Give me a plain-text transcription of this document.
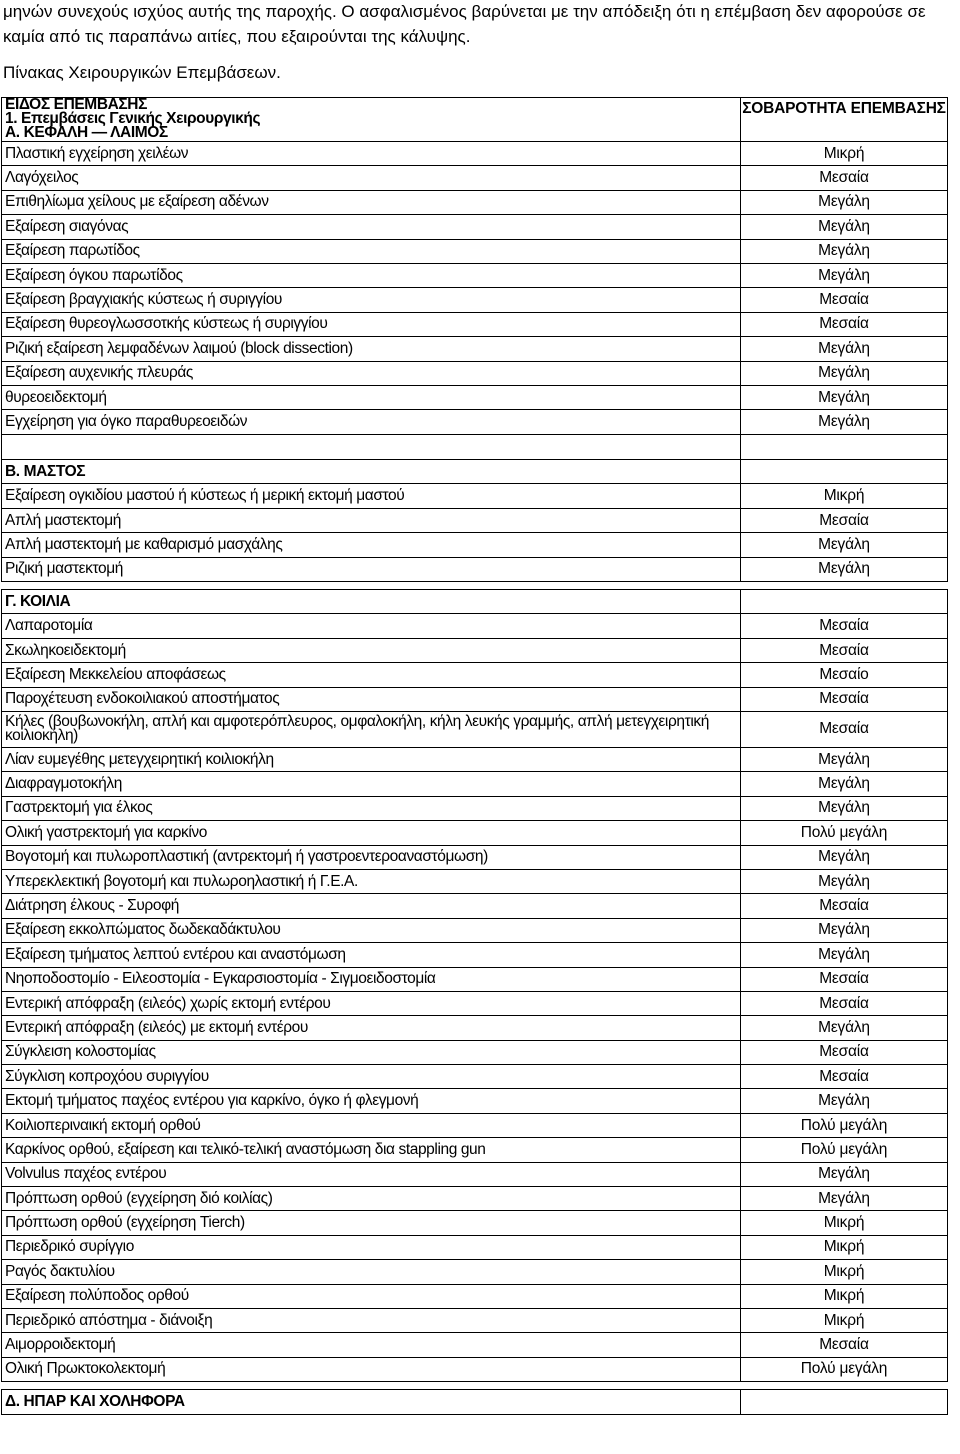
μηνών συνεχούς ισχύος αυτής της παροχής. Ο ασφαλισμένος βαρύνεται με την απόδειξη ότι η επέμβαση δεν αφορούσε σε

καμία από τις παραπάνω αιτίες, που εξαιρούνται της κάλυψης.

Πίνακας Χειρουργικών Επεμβάσεων.

ΕΙΔΟΣ ΕΠΕΜΒΑΣΗΣ
1. Επεμβάσεις Γενικής Χειρουργικής
Α. ΚΕΦΑΛΗ — ΛΑΙΜΟΣ	ΣΟΒΑΡΟΤΗΤΑ ΕΠΕΜΒΑΣΗΣ
Πλαστική εγχείρηση χειλέων	Μικρή
Λαγόχειλος	Μεσαία
Επιθηλίωμα χείλους με εξαίρεση αδένων	Μεγάλη
Εξαίρεση σιαγόνας	Μεγάλη
Εξαίρεση παρωτίδος	Μεγάλη
Εξαίρεση όγκου παρωτίδος	Μεγάλη
Εξαίρεση βραγχιακής κύστεως ή συριγγίου	Μεσαία
Εξαίρεση θυρεογλωσσοτκής κύστεως ή συριγγίου	Μεσαία
Ριζική εξαίρεση λεμφαδένων λαιμού (block dissection)	Μεγάλη
Εξαίρεση αυχενικής πλευράς	Μεγάλη
θυρεοειδεκτομή	Μεγάλη
Εγχείρηση για όγκο παραθυρεοειδών	Μεγάλη

Β. ΜΑΣΤΟΣ	
Εξαίρεση ογκιδίου μαστού ή κύστεως ή μερική εκτομή μαστού	Μικρή
Απλή μαστεκτομή	Μεσαία
Απλή μαστεκτομή με καθαρισμό μασχάλης	Μεγάλη
Ριζική μαστεκτομή	Μεγάλη

Γ. ΚΟΙΛΙΑ	
Λαπαροτομία	Μεσαία
Σκωληκοειδεκτομή	Μεσαία
Εξαίρεση Μεκκελείου αποφάσεως	Μεσαίο
Παροχέτευση ενδοκοιλιακού αποστήματος	Μεσαία
Κήλες (βουβωνοκήλη, απλή και αμφοτερόπλευρος, ομφαλοκήλη, κήλη λευκής γραμμής, απλή μετεγχειρητική κοιλιοκήλη)	Μεσαία
Λίαν ευμεγέθης μετεγχειρητική κοιλιοκήλη	Μεγάλη
Διαφραγμοτοκήλη	Μεγάλη
Γαστρεκτομή για έλκος	Μεγάλη
Ολική γαστρεκτομή για καρκίνο	Πολύ μεγάλη
Βογοτομή και πυλωροπλαστική (αντρεκτομή ή γαστροεντεροαναστόμωση)	Μεγάλη
Υπερεκλεκτική βογοτομή και πυλωροηλαστική ή Γ.Ε.Α.	Μεγάλη
Διάτρηση έλκους - Συροφή	Μεσαία
Εξαίρεση εκκολπώματος δωδεκαδάκτυλου	Μεγάλη
Εξαίρεση τμήματος λεπτού εντέρου και αναστόμωση	Μεγάλη
Νηοποδοστομίο - Ειλεοστομία - Εγκαρσιοστομία - Σιγμοειδοστομία	Μεσαία
Εντερική απόφραξη (ειλεός) χωρίς εκτομή εντέρου	Μεσαία
Εντερική απόφραξη (ειλεός) με εκτομή εντέρου	Μεγάλη
Σύγκλειση κολοστομίας	Μεσαία
Σύγκλιση κοπροχόου συριγγίου	Μεσαία
Εκτομή τμήματος παχέος εντέρου για καρκίνο, όγκο ή φλεγμονή	Μεγάλη
Κοιλιοπεριναική εκτομή ορθού	Πολύ μεγάλη
Καρκίνος ορθού, εξαίρεση και τελικό-τελική αναστόμωση δια stappling gun	Πολύ μεγάλη
Volvulus παχέος εντέρου	Μεγάλη
Πρόπτωση ορθού (εγχείρηση διό κοιλίας)	Μεγάλη
Πρόπτωση ορθού (εγχείρηση Tierch)	Μικρή
Περιεδρικό συρίγγιο	Μικρή
Ραγός δακτυλίου	Μικρή
Εξαίρεση πολύποδος ορθού	Μικρή
Περιεδρικό απόστημα - διάνοιξη	Μικρή
Αιμορροιδεκτομή	Μεσαία
Ολική Πρωκτοκολεκτομή	Πολύ μεγάλη

Δ. ΗΠΑΡ ΚΑΙ ΧΟΛΗΦΟΡΑ	
